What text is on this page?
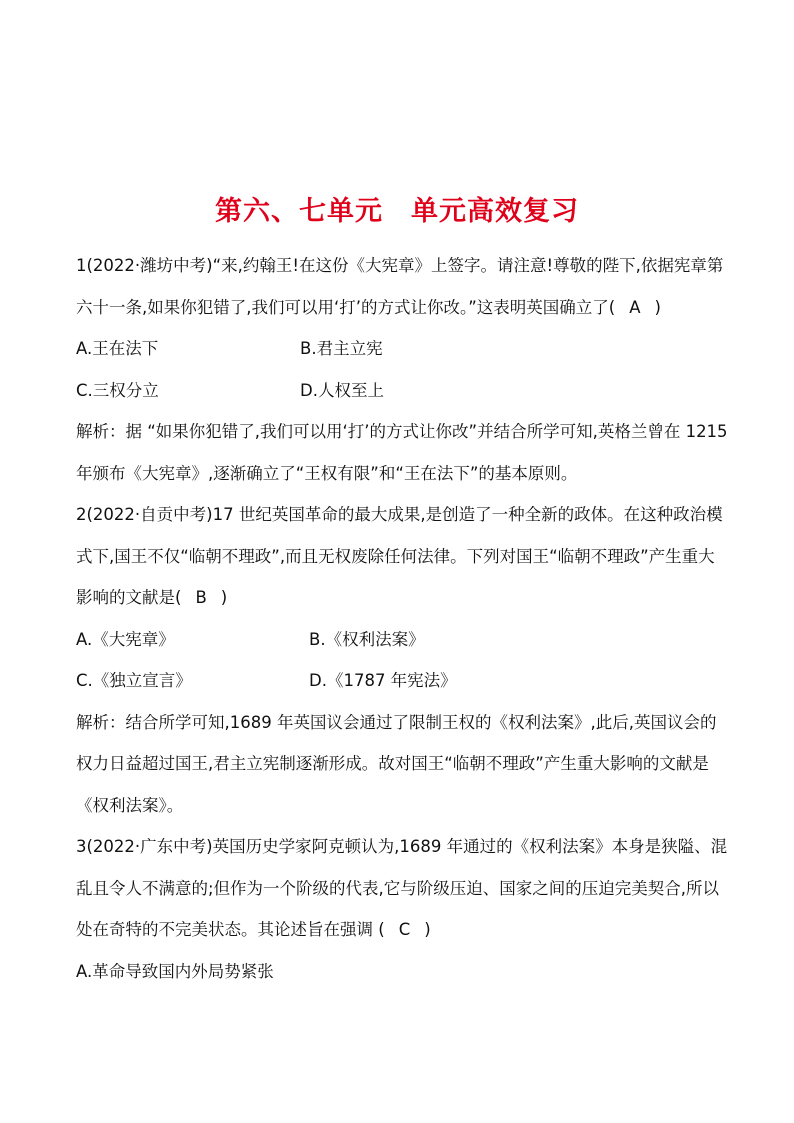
第六、七单元 单元高效复习

1(2022·潍坊中考)“来,约翰王!在这份《大宪章》上签字。请注意!尊敬的陛下,依据宪章第六十一条,如果你犯错了,我们可以用‘打’的方式让你改。”这表明英国确立了( A )

A.王在法下	B.君主立宪

C.三权分立	D.人权至上

解析：据 “如果你犯错了,我们可以用‘打’的方式让你改”并结合所学可知,英格兰曾在 1215 年颁布《大宪章》,逐渐确立了“王权有限”和“王在法下”的基本原则。

2(2022·自贡中考)17 世纪英国革命的最大成果,是创造了一种全新的政体。在这种政治模式下,国王不仅“临朝不理政”,而且无权废除任何法律。下列对国王“临朝不理政”产生重大影响的文献是( B )

A.《大宪章》	B.《权利法案》

C.《独立宣言》	D.《1787 年宪法》

解析：结合所学可知,1689 年英国议会通过了限制王权的《权利法案》,此后,英国议会的权力日益超过国王,君主立宪制逐渐形成。故对国王“临朝不理政”产生重大影响的文献是《权利法案》。

3(2022·广东中考)英国历史学家阿克顿认为,1689 年通过的《权利法案》本身是狭隘、混乱且令人不满意的;但作为一个阶级的代表,它与阶级压迫、国家之间的压迫完美契合,所以处在奇特的不完美状态。其论述旨在强调 ( C )

A.革命导致国内外局势紧张
